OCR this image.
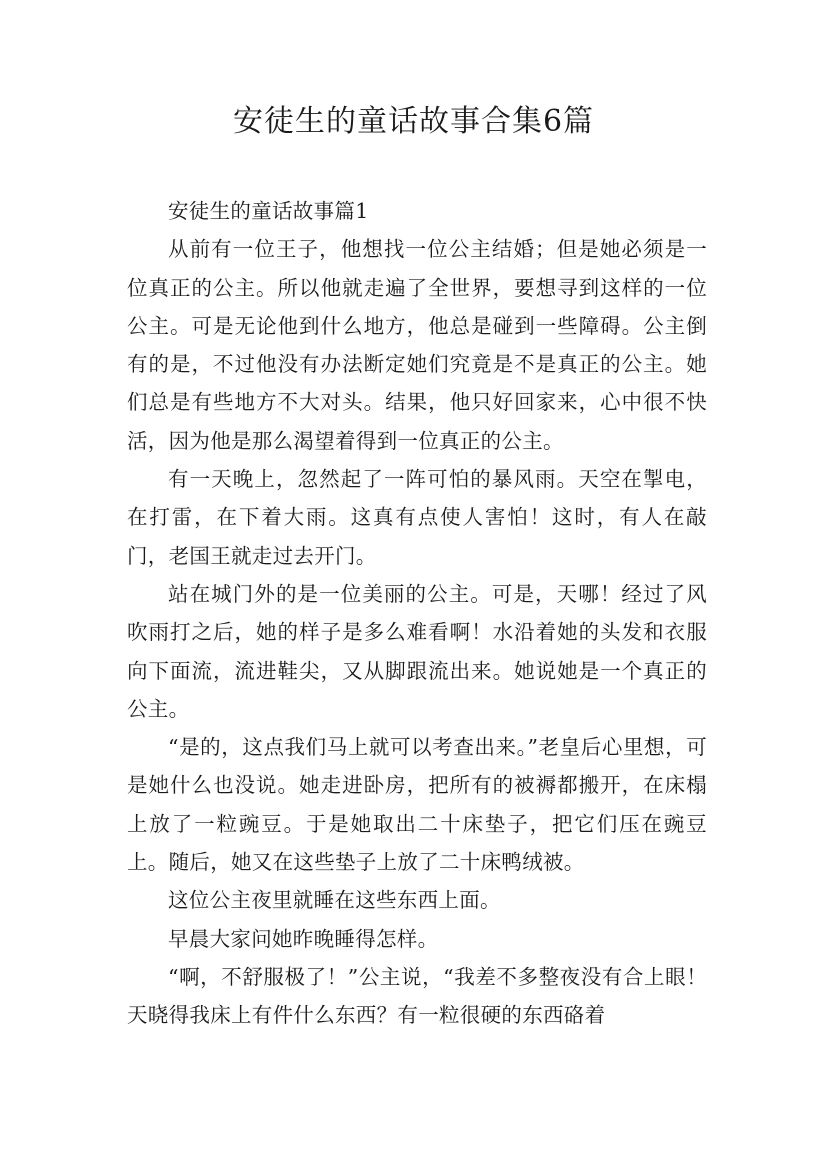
安徒生的童话故事合集6篇

安徒生的童话故事篇1

从前有一位王子，他想找一位公主结婚；但是她必须是一位真正的公主。所以他就走遍了全世界，要想寻到这样的一位公主。可是无论他到什么地方，他总是碰到一些障碍。公主倒有的是，不过他没有办法断定她们究竟是不是真正的公主。她们总是有些地方不大对头。结果，他只好回家来，心中很不快活，因为他是那么渴望着得到一位真正的公主。

有一天晚上，忽然起了一阵可怕的暴风雨。天空在掣电，在打雷，在下着大雨。这真有点使人害怕！这时，有人在敲门，老国王就走过去开门。

站在城门外的是一位美丽的公主。可是，天哪！经过了风吹雨打之后，她的样子是多么难看啊！水沿着她的头发和衣服向下面流，流进鞋尖，又从脚跟流出来。她说她是一个真正的公主。

“是的，这点我们马上就可以考查出来。”老皇后心里想，可是她什么也没说。她走进卧房，把所有的被褥都搬开，在床榻上放了一粒豌豆。于是她取出二十床垫子，把它们压在豌豆上。随后，她又在这些垫子上放了二十床鸭绒被。

这位公主夜里就睡在这些东西上面。

早晨大家问她昨晚睡得怎样。

“啊，不舒服极了！”公主说，“我差不多整夜没有合上眼！天晓得我床上有件什么东西？有一粒很硬的东西硌着
